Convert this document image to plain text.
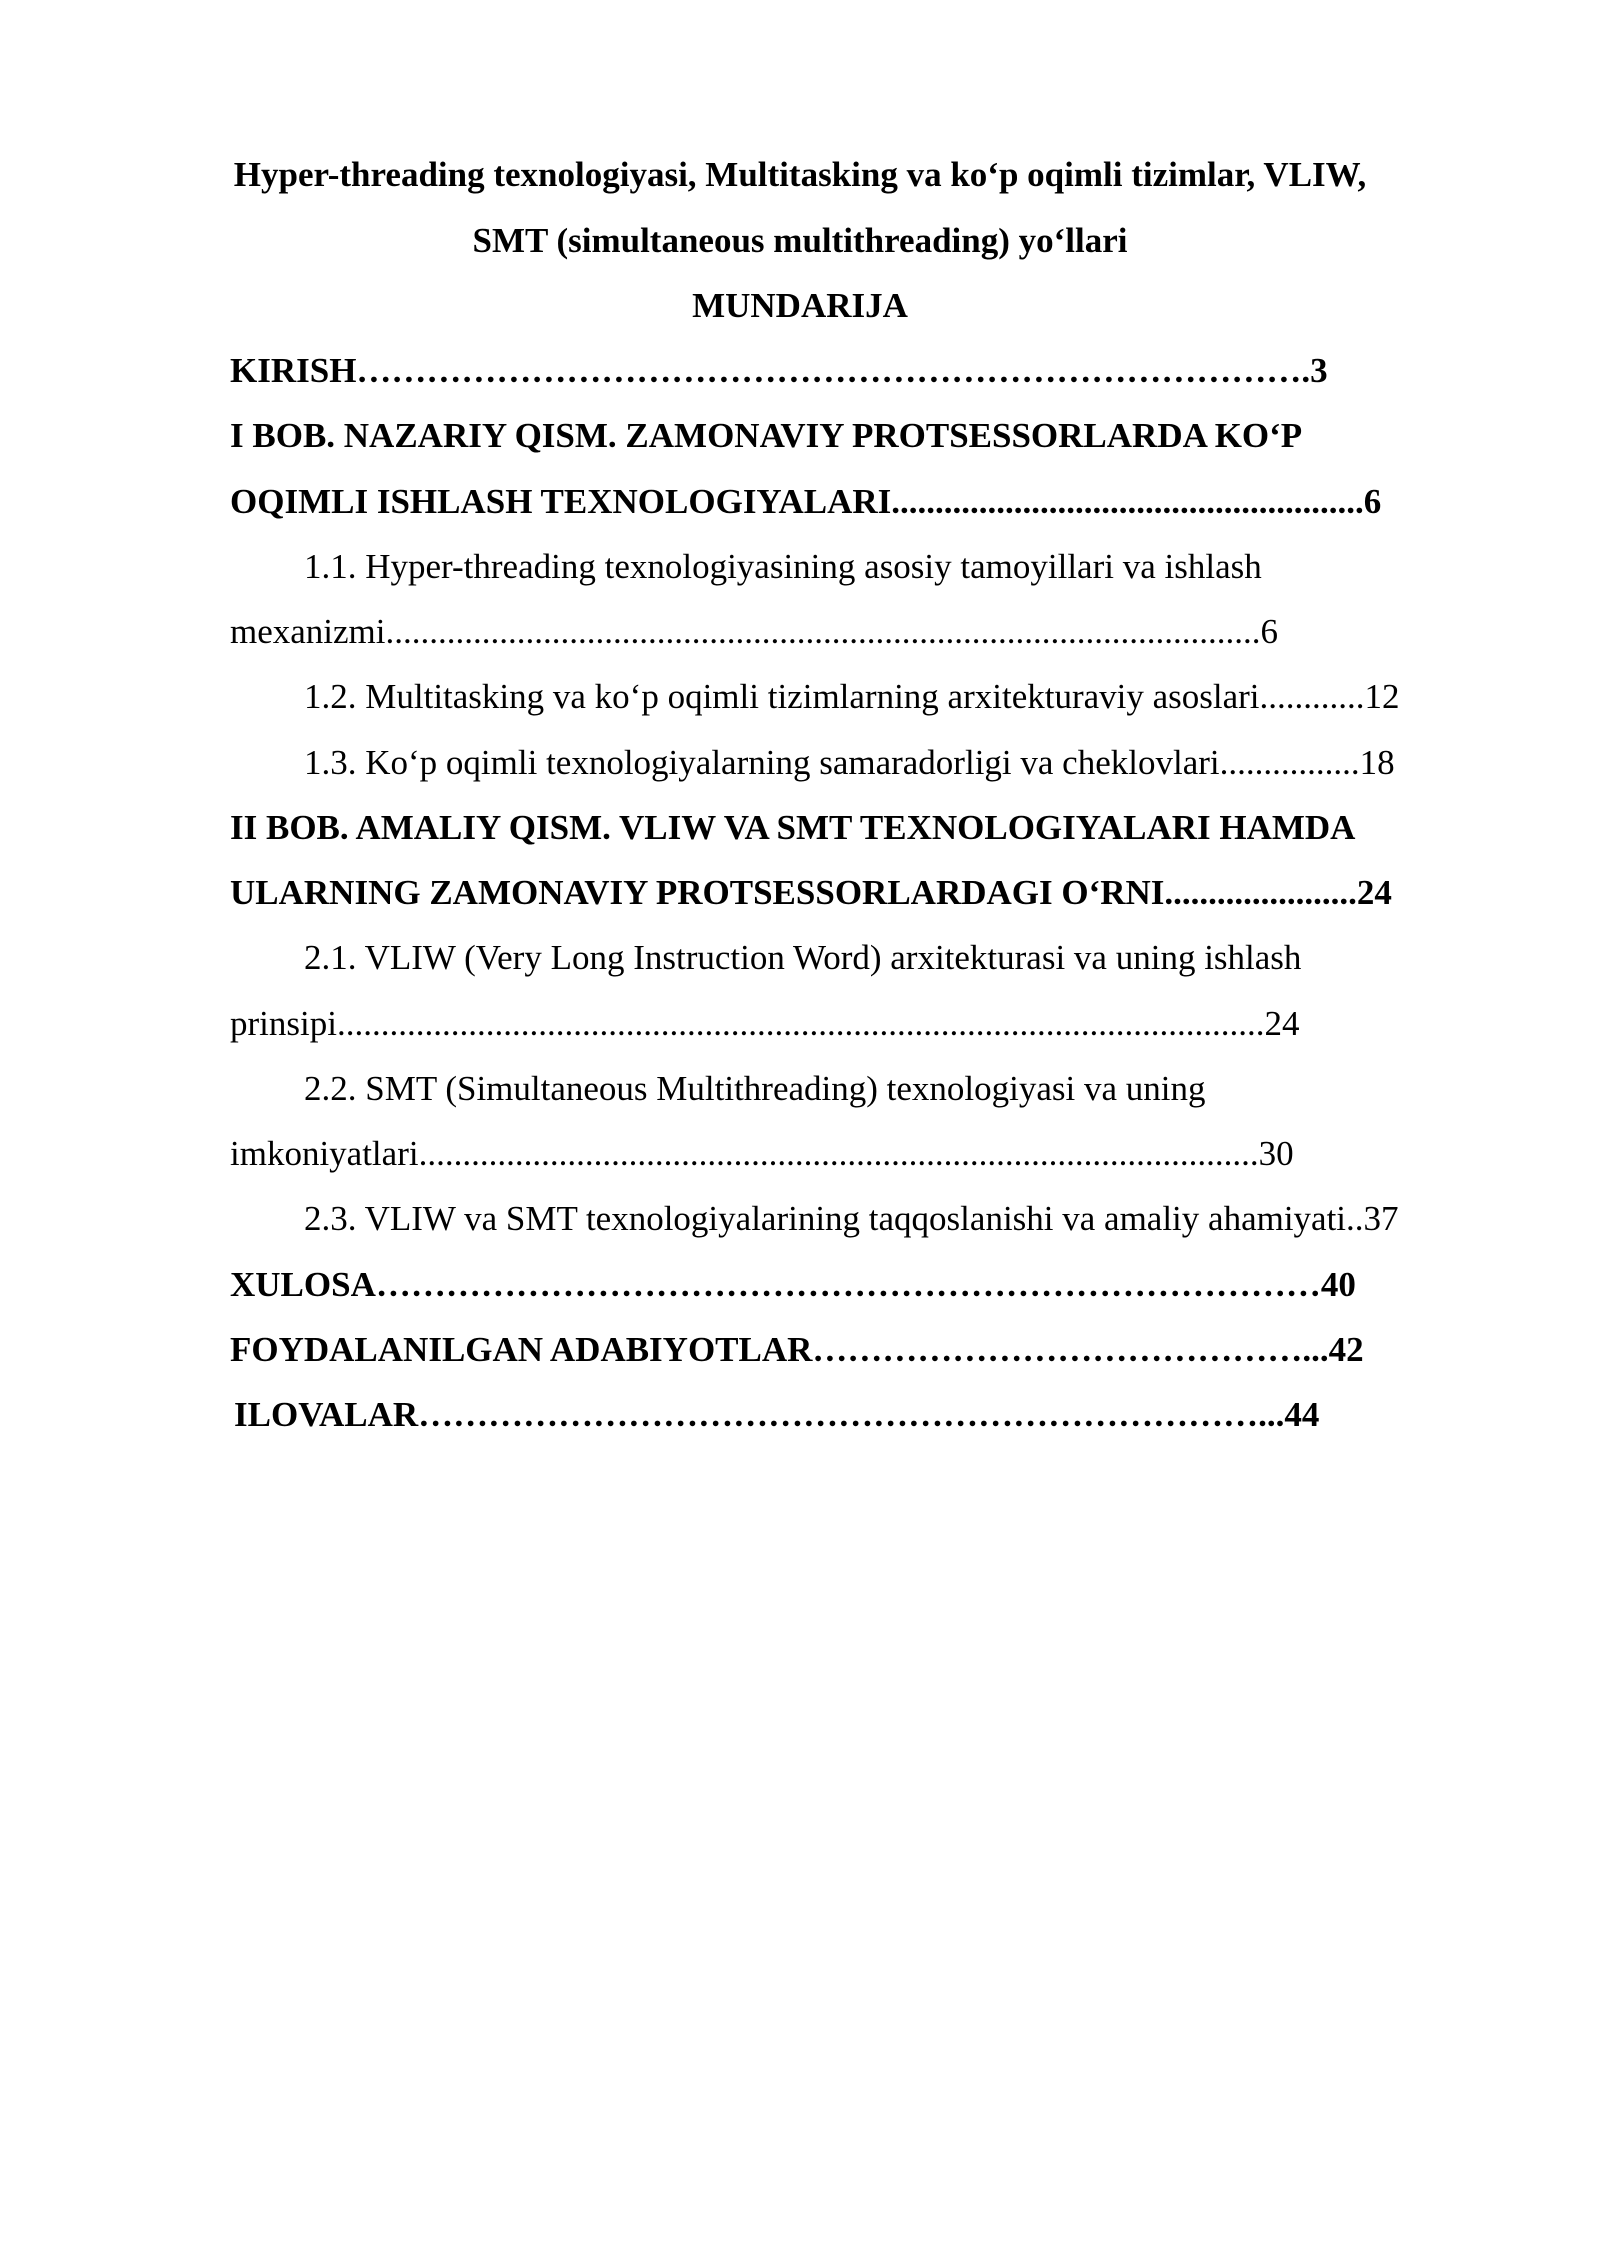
Hyper-threading texnologiyasi, Multitasking va ko‘p oqimli tizimlar, VLIW,
SMT (simultaneous multithreading) yo‘llari
MUNDARIJA
KIRISH……………………………………………………………………….3
I BOB. NAZARIY QISM. ZAMONAVIY PROTSESSORLARDA KO‘P
OQIMLI ISHLASH TEXNOLOGIYALARI......................................................6
1.1. Hyper-threading texnologiyasining asosiy tamoyillari va ishlash
mexanizmi....................................................................................................6
1.2. Multitasking va ko‘p oqimli tizimlarning arxitekturaviy asoslari............12
1.3. Ko‘p oqimli texnologiyalarning samaradorligi va cheklovlari................18
II BOB. AMALIY QISM. VLIW VA SMT TEXNOLOGIYALARI HAMDA
ULARNING ZAMONAVIY PROTSESSORLARDAGI O‘RNI......................24
2.1. VLIW (Very Long Instruction Word) arxitekturasi va uning ishlash
prinsipi..........................................................................................................24
2.2. SMT (Simultaneous Multithreading) texnologiyasi va uning
imkoniyatlari................................................................................................30
2.3. VLIW va SMT texnologiyalarining taqqoslanishi va amaliy ahamiyati..37
XULOSA………………………………………………………………………40
FOYDALANILGAN ADABIYOTLAR……………………………………...42
ILOVALAR………………………………………………………………...44
